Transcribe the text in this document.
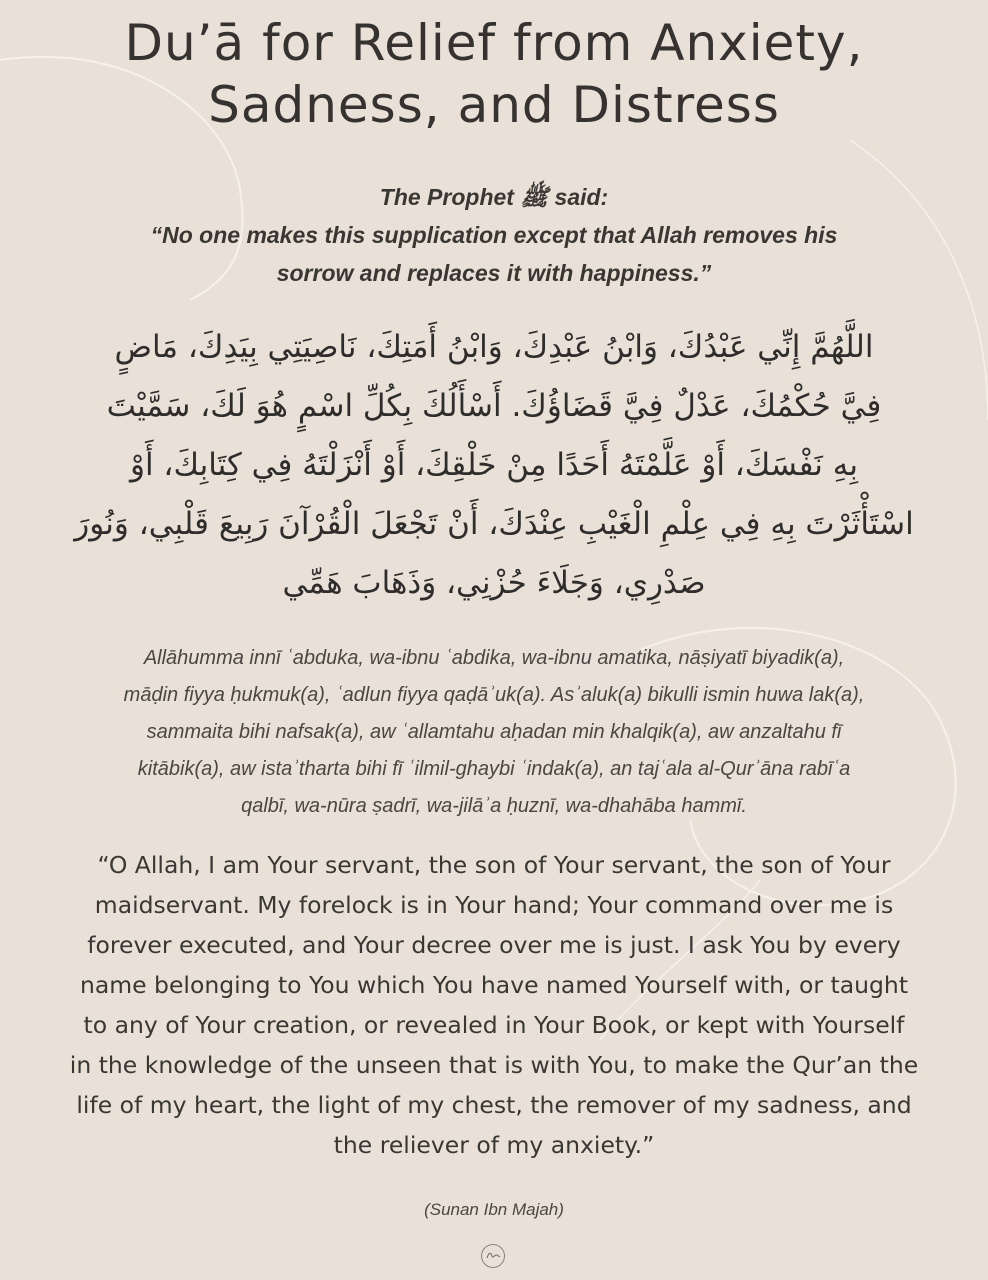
Du’ā for Relief from Anxiety,
Sadness, and Distress
The Prophet ﷺ said:
“No one makes this supplication except that Allah removes his
sorrow and replaces it with happiness.”
اللَّهُمَّ إِنِّي عَبْدُكَ، وَابْنُ عَبْدِكَ، وَابْنُ أَمَتِكَ، نَاصِيَتِي بِيَدِكَ، مَاضٍ
فِيَّ حُكْمُكَ، عَدْلٌ فِيَّ قَضَاؤُكَ. أَسْأَلُكَ بِكُلِّ اسْمٍ هُوَ لَكَ، سَمَّيْتَ
بِهِ نَفْسَكَ، أَوْ عَلَّمْتَهُ أَحَدًا مِنْ خَلْقِكَ، أَوْ أَنْزَلْتَهُ فِي كِتَابِكَ، أَوْ
اسْتَأْثَرْتَ بِهِ فِي عِلْمِ الْغَيْبِ عِنْدَكَ، أَنْ تَجْعَلَ الْقُرْآنَ رَبِيعَ قَلْبِي، وَنُورَ
صَدْرِي، وَجَلَاءَ حُزْنِي، وَذَهَابَ هَمِّي
Allāhumma innī ʿabduka, wa-ibnu ʿabdika, wa-ibnu amatika, nāṣiyatī biyadik(a),
māḍin fiyya ḥukmuk(a), ʿadlun fiyya qaḍāʾuk(a). Asʾaluk(a) bikulli ismin huwa lak(a),
sammaita bihi nafsak(a), aw ʿallamtahu aḥadan min khalqik(a), aw anzaltahu fī
kitābik(a), aw istaʾtharta bihi fī ʿilmil-ghaybi ʿindak(a), an tajʿala al-Qurʾāna rabīʿa
qalbī, wa-nūra ṣadrī, wa-jilāʾa ḥuznī, wa-dhahāba hammī.
“O Allah, I am Your servant, the son of Your servant, the son of Your
maidservant. My forelock is in Your hand; Your command over me is
forever executed, and Your decree over me is just. I ask You by every
name belonging to You which You have named Yourself with, or taught
to any of Your creation, or revealed in Your Book, or kept with Yourself
in the knowledge of the unseen that is with You, to make the Qur’an the
life of my heart, the light of my chest, the remover of my sadness, and
the reliever of my anxiety.”
(Sunan Ibn Majah)
